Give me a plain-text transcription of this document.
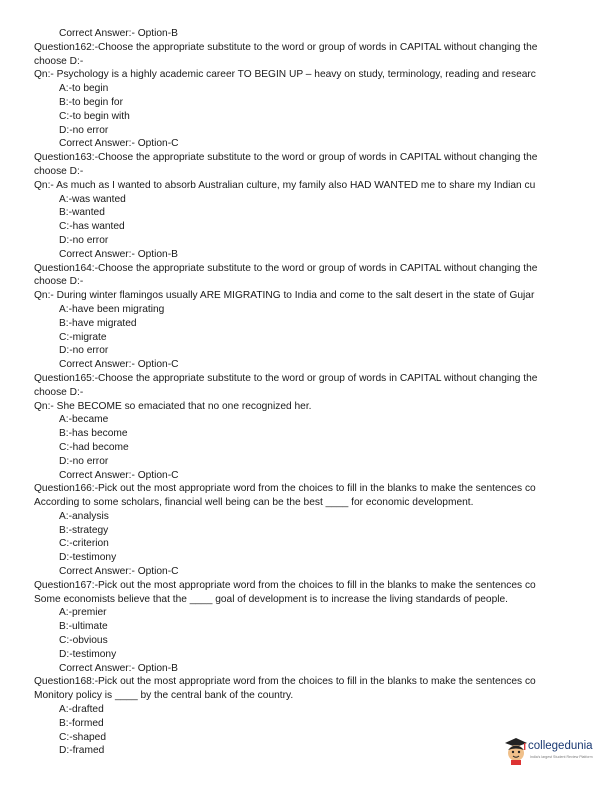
Correct Answer:- Option-B
Question162:-Choose the appropriate substitute to the word or group of words in CAPITAL without changing the
choose D:-
Qn:- Psychology is a highly academic career TO BEGIN UP – heavy on study, terminology, reading and researc
A:-to begin
B:-to begin for
C:-to begin with
D:-no error
Correct Answer:- Option-C
Question163:-Choose the appropriate substitute to the word or group of words in CAPITAL without changing the
choose D:-
Qn:- As much as I wanted to absorb Australian culture, my family also HAD WANTED me to share my Indian cu
A:-was wanted
B:-wanted
C:-has wanted
D:-no error
Correct Answer:- Option-B
Question164:-Choose the appropriate substitute to the word or group of words in CAPITAL without changing the
choose D:-
Qn:- During winter flamingos usually ARE MIGRATING to India and come to the salt desert in the state of Gujar
A:-have been migrating
B:-have migrated
C:-migrate
D:-no error
Correct Answer:- Option-C
Question165:-Choose the appropriate substitute to the word or group of words in CAPITAL without changing the
choose D:-
Qn:- She BECOME so emaciated that no one recognized her.
A:-became
B:-has become
C:-had become
D:-no error
Correct Answer:- Option-C
Question166:-Pick out the most appropriate word from the choices to fill in the blanks to make the sentences co
According to some scholars, financial well being can be the best ____ for economic development.
A:-analysis
B:-strategy
C:-criterion
D:-testimony
Correct Answer:- Option-C
Question167:-Pick out the most appropriate word from the choices to fill in the blanks to make the sentences co
Some economists believe that the ____ goal of development is to increase the living standards of people.
A:-premier
B:-ultimate
C:-obvious
D:-testimony
Correct Answer:- Option-B
Question168:-Pick out the most appropriate word from the choices to fill in the blanks to make the sentences co
Monitory policy is ____ by the central bank of the country.
A:-drafted
B:-formed
C:-shaped
D:-framed	collegedunia
India's largest Student Review Platform
